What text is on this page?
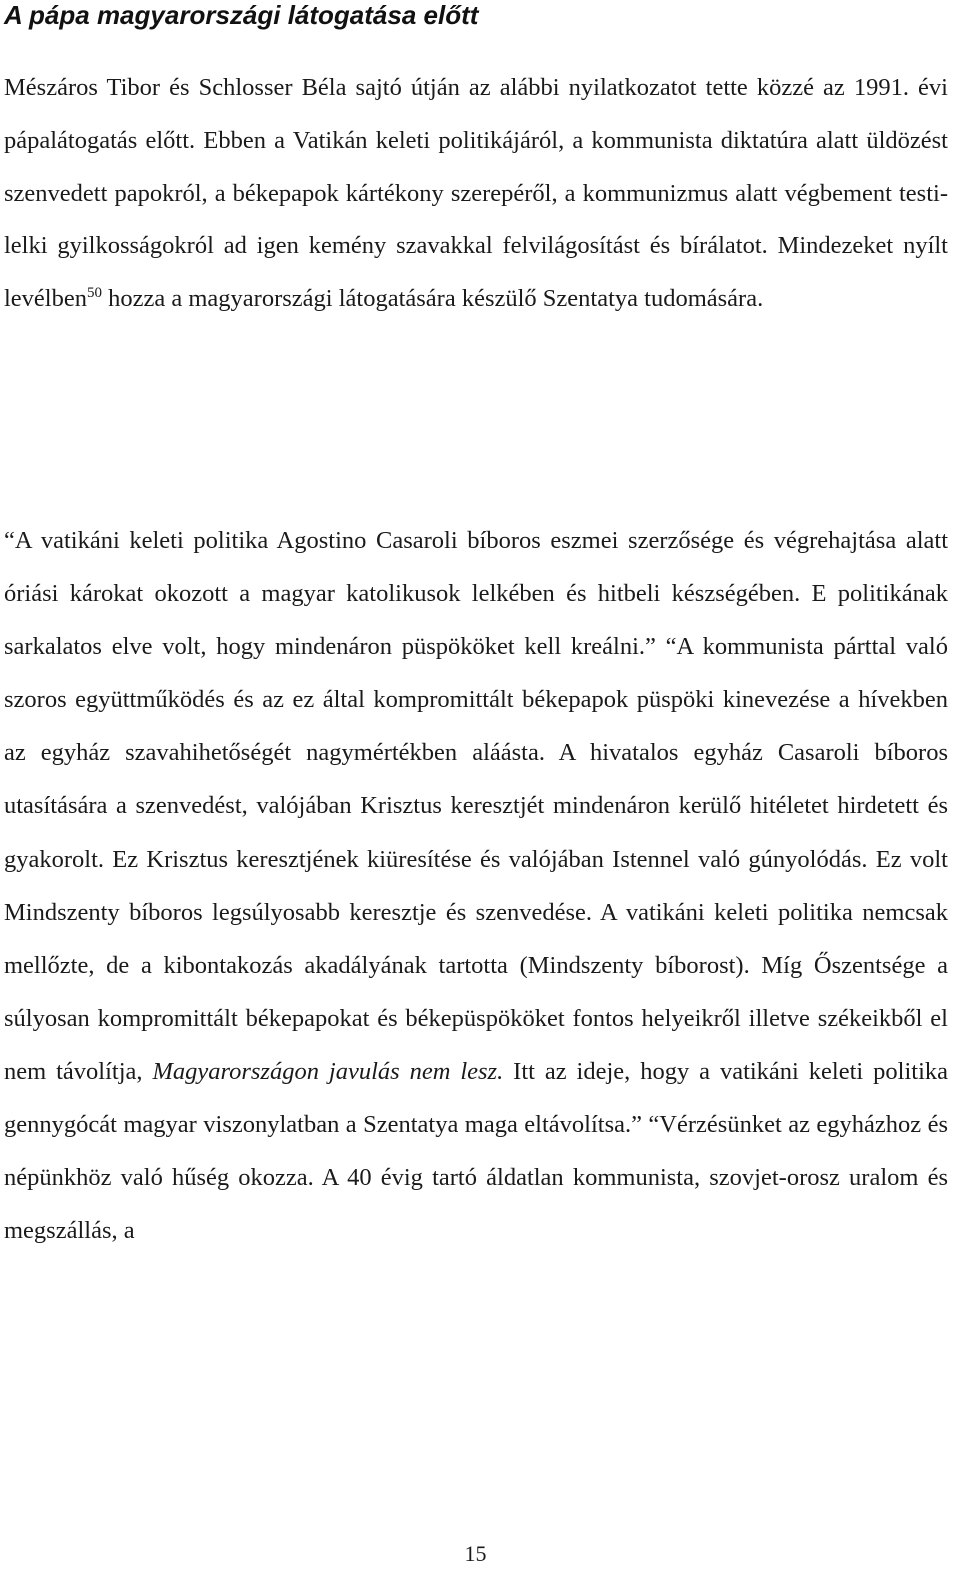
A pápa magyarországi látogatása előtt

Mészáros Tibor és Schlosser Béla sajtó útján az alábbi nyilatkozatot tette közzé az 1991. évi pápalátogatás előtt. Ebben a Vatikán keleti politikájáról, a kommunista diktatúra alatt üldözést szenvedett papokról, a békepapok kártékony szerepéről, a kommunizmus alatt végbement testi-lelki gyilkosságokról ad igen kemény szavakkal felvilágosítást és bírálatot. Mindezeket nyílt levélben$^{50}$ hozza a magyarországi látogatására készülő Szentatya tudomására.

“A vatikáni keleti politika Agostino Casaroli bíboros eszmei szerzősége és végrehajtása alatt óriási károkat okozott a magyar katolikusok lelkében és hitbeli készségében. E politikának sarkalatos elve volt, hogy mindenáron püspököket kell kreálni.” “A kommunista párttal való szoros együttműködés és az ez által kompromittált békepapok püspöki kinevezése a hívekben az egyház szavahihetőségét nagymértékben aláásta. A hivatalos egyház Casaroli bíboros utasítására a szenvedést, valójában Krisztus keresztjét mindenáron kerülő hitéletet hirdetett és gyakorolt. Ez Krisztus keresztjének kiüresítése és valójában Istennel való gúnyolódás. Ez volt Mindszenty bíboros legsúlyosabb keresztje és szenvedése. A vatikáni keleti politika nemcsak mellőzte, de a kibontakozás akadályának tartotta (Mindszenty bíborost). Míg Őszentsége a súlyosan kompromittált békepapokat és békepüspököket fontos helyeikről illetve székeikből el nem távolítja, Magyarországon javulás nem lesz. Itt az ideje, hogy a vatikáni keleti politika gennygócát magyar viszonylatban a Szentatya maga eltávolítsa.” “Vérzésünket az egyházhoz és népünkhöz való hűség okozza. A 40 évig tartó áldatlan kommunista, szovjet-orosz uralom és megszállás, a

15
